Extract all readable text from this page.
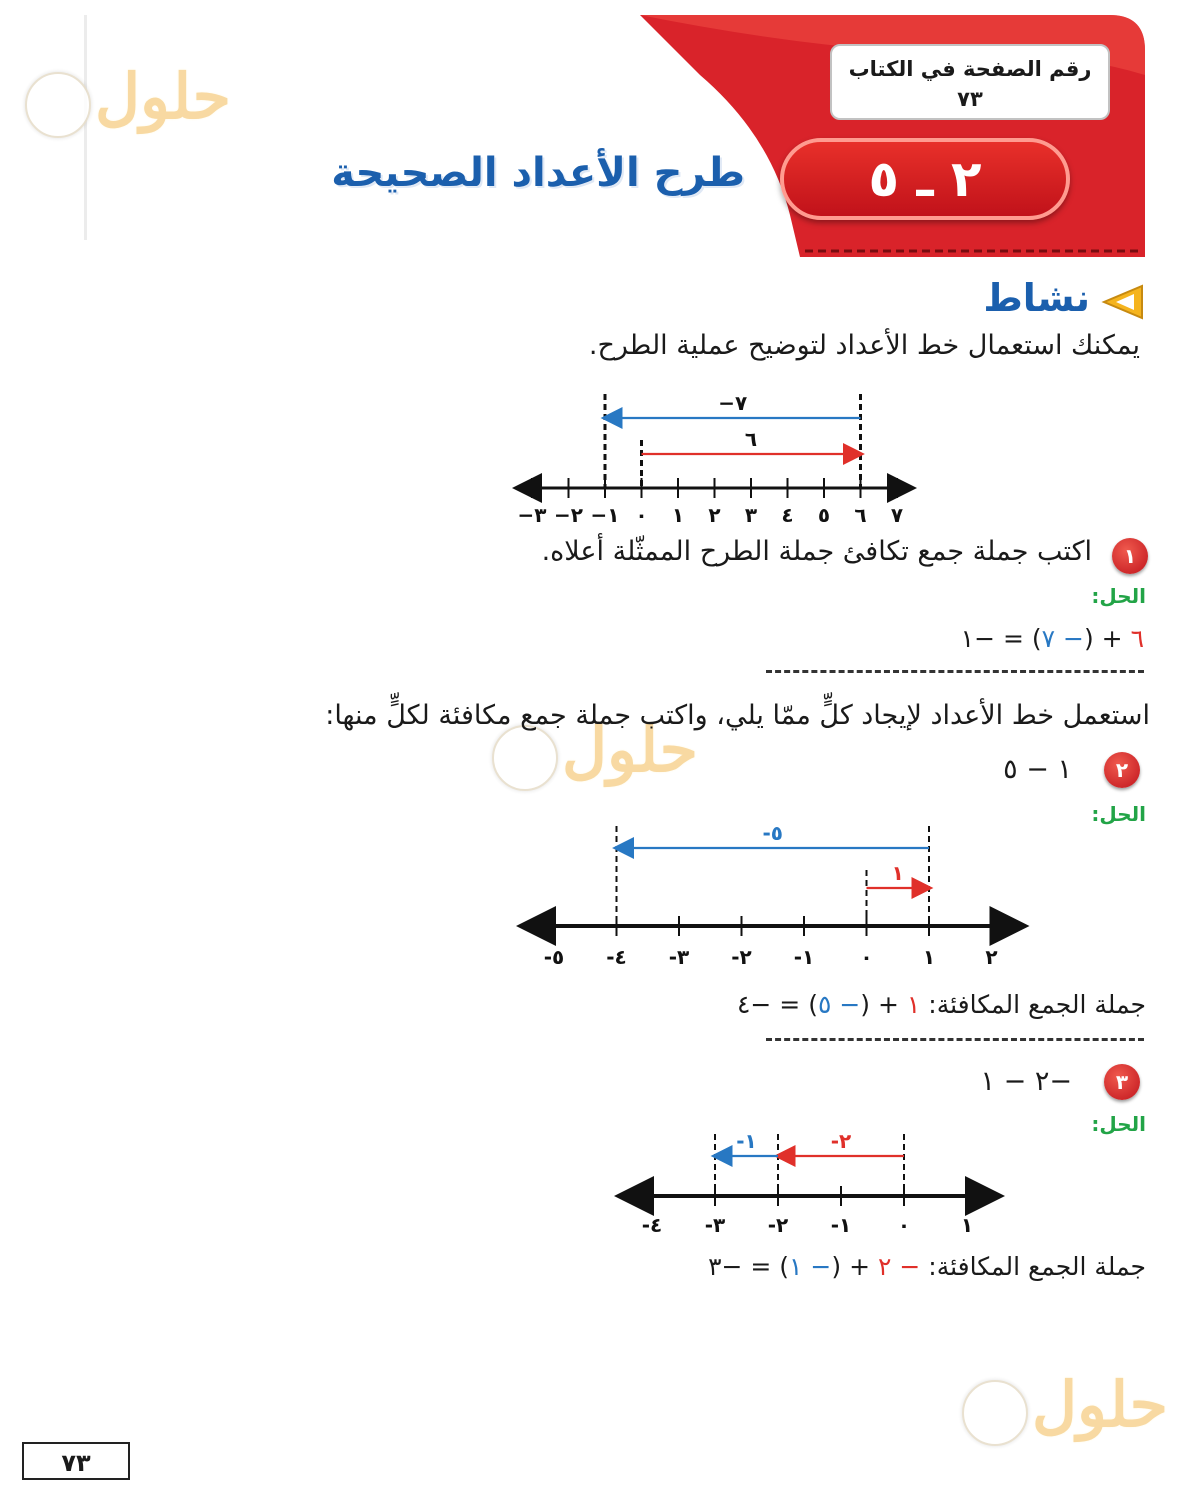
رقم الصفحة في الكتاب
٧٣
٢ ـ ٥
طرح الأعداد الصحيحة
حلول
حلول
حلول
نشاط
يمكنك استعمال خط الأعداد لتوضيح عملية الطرح.
٣− ٢− ١− ٠ ١ ٢ ٣ ٤ ٥ ٦ ٧
٧−
٦
١
اكتب جملة جمع تكافئ جملة الطرح الممثّلة أعلاه.
الحل:
٦ + (− ٧) = −١
استعمل خط الأعداد لإيجاد كلٍّ ممّا يلي، واكتب جملة جمع مكافئة لكلٍّ منها:
٢
١ − ٥
الحل:
٥- ٤- ٣- ٢- ١- ٠	١	٢
٥-
١
جملة الجمع المكافئة: ١ + (− ٥) = −٤
٣
−٢ − ١
الحل:
٤- ٣- ٢- ١- ٠	١
٢-
١-
جملة الجمع المكافئة: − ٢ + (− ١) = −٣
٧٣
